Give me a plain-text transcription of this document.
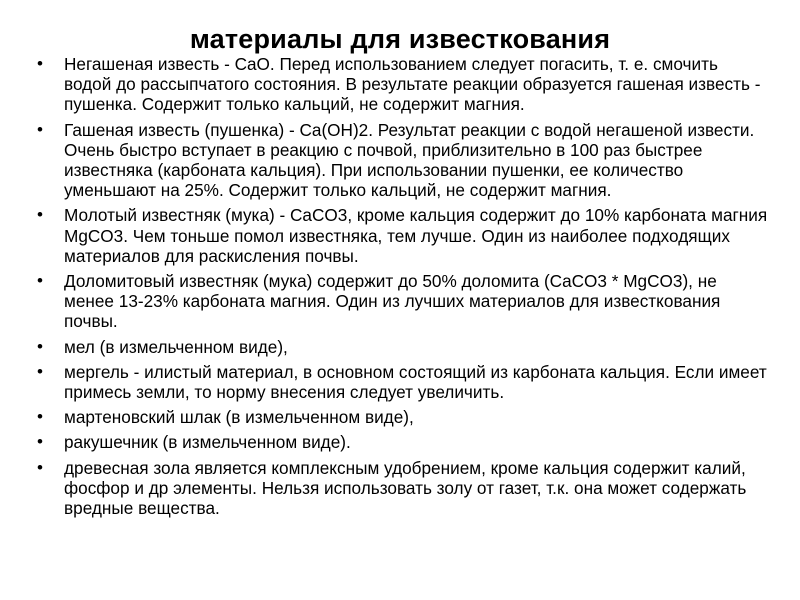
материалы для известкования
• Негашеная известь - CaO. Перед использованием следует погасить, т. е. смочить водой до рассыпчатого состояния. В результате реакции образуется гашеная известь - пушенка. Содержит только кальций, не содержит магния.
• Гашеная известь (пушенка) - Ca(OH)2. Результат реакции с водой негашеной извести. Очень быстро вступает в реакцию с почвой, приблизительно в 100 раз быстрее известняка (карбоната кальция). При использовании пушенки, ее количество уменьшают на 25%. Содержит только кальций, не содержит магния.
• Молотый известняк (мука) - CaCO3, кроме кальция содержит до 10% карбоната магния MgCO3. Чем тоньше помол известняка, тем лучше. Один из наиболее подходящих материалов для раскисления почвы.
• Доломитовый известняк (мука) содержит до 50% доломита (CaCO3 * MgCO3), не менее 13-23% карбоната магния. Один из лучших материалов для известкования почвы.
• мел (в измельченном виде),
• мергель - илистый материал, в основном состоящий из карбоната кальция. Если имеет примесь земли, то норму внесения следует увеличить.
• мартеновский шлак (в измельченном виде),
• ракушечник (в измельченном виде).
• древесная зола является комплексным удобрением, кроме кальция содержит калий, фосфор и др элементы. Нельзя использовать золу от газет, т.к. она может содержать вредные вещества.
